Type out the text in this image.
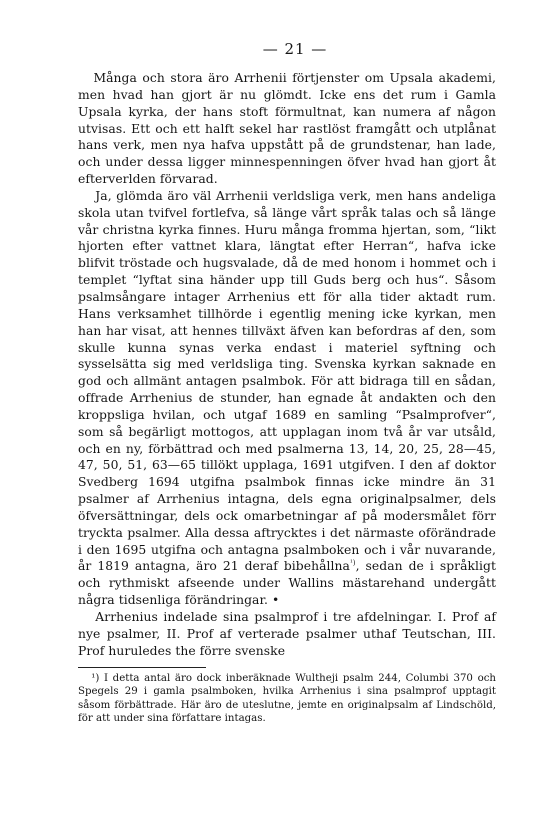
— 21 —

Många och stora äro Arrhenii förtjenster om Upsala akademi, men hvad han gjort är nu glömdt. Icke ens det rum i Gamla Upsala kyrka, der hans stoft förmultnat, kan numera af någon utvisas. Ett och ett halft sekel har rastlöst framgått och utplånat hans verk, men nya hafva uppstått på de grundstenar, han lade, och under dessa ligger minnespenningen öfver hvad han gjort åt efterverlden förvarad.

Ja, glömda äro väl Arrhenii verldsliga verk, men hans andeliga skola utan tvifvel fortlefva, så länge vårt språk talas och så länge vår christna kyrka finnes. Huru många fromma hjertan, som, “likt hjorten efter vattnet klara, längtat efter Herran“, hafva icke blifvit tröstade och hugsvalade, då de med honom i hommet och i templet “lyftat sina händer upp till Guds berg och hus“. Såsom psalmsångare intager Arrhenius ett för alla tider aktadt rum. Hans verksamhet tillhörde i egentlig mening icke kyrkan, men han har visat, att hennes tillväxt äfven kan befordras af den, som skulle kunna synas verka endast i materiel syftning och sysselsätta sig med verldsliga ting. Svenska kyrkan saknade en god och allmänt antagen psalmbok. För att bidraga till en sådan, offrade Arrhenius de stunder, han egnade åt andakten och den kroppsliga hvilan, och utgaf 1689 en samling “Psalmprofver“, som så begärligt mottogos, att upplagan inom två år var utsåld, och en ny, förbättrad och med psalmerna 13, 14, 20, 25, 28—45, 47, 50, 51, 63—65 tillökt upplaga, 1691 utgifven. I den af doktor Svedberg 1694 utgifna psalmbok finnas icke mindre än 31 psalmer af Arrhenius intagna, dels egna originalpsalmer, dels öfversättningar, dels ock omarbetningar af på modersmålet förr tryckta psalmer. Alla dessa aftrycktes i det närmaste oförändrade i den 1695 utgifna och antagna psalmboken och i vår nuvarande, år 1819 antagna, äro 21 deraf bibehållna$^{^1)}$, sedan de i språkligt och rythmiskt afseende under Wallins mästarehand undergått några tidsenliga förändringar. •

Arrhenius indelade sina psalmprof i tre afdelningar. I. Prof af nye psalmer, II. Prof af verterade psalmer uthaf Teutschan, III. Prof huruledes the förre svenske

¹) I detta antal äro dock inberäknade Wultheji psalm 244, Columbi 370 och Spegels 29 i gamla psalmboken, hvilka Arrhenius i sina psalmprof upptagit såsom förbättrade. Här äro de uteslutne, jemte en originalpsalm af Lindschöld, för att under sina författare intagas.
